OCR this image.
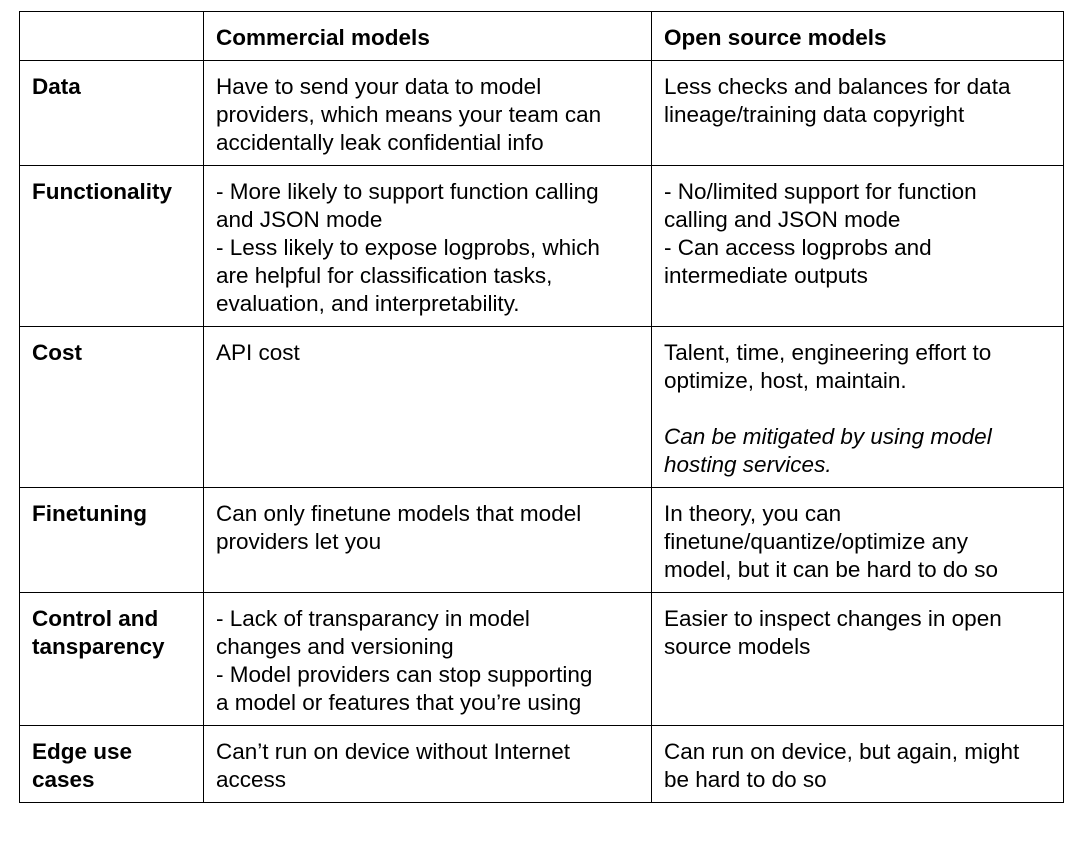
	Commercial models	Open source models

Data	Have to send your data to model
providers, which means your team can
accidentally leak confidential info	Less checks and balances for data
lineage/training data copyright

Functionality	- More likely to support function calling
and JSON mode
- Less likely to expose logprobs, which
are helpful for classification tasks,
evaluation, and interpretability.	- No/limited support for function
calling and JSON mode
- Can access logprobs and
intermediate outputs

Cost	API cost	Talent, time, engineering effort to
optimize, host, maintain.
Can be mitigated by using model
hosting services.

Finetuning	Can only finetune models that model
providers let you	In theory, you can
finetune/quantize/optimize any
model, but it can be hard to do so

Control and
tansparency	- Lack of transparancy in model
changes and versioning
- Model providers can stop supporting
a model or features that you’re using	Easier to inspect changes in open
source models

Edge use
cases	Can’t run on device without Internet
access	Can run on device, but again, might
be hard to do so
